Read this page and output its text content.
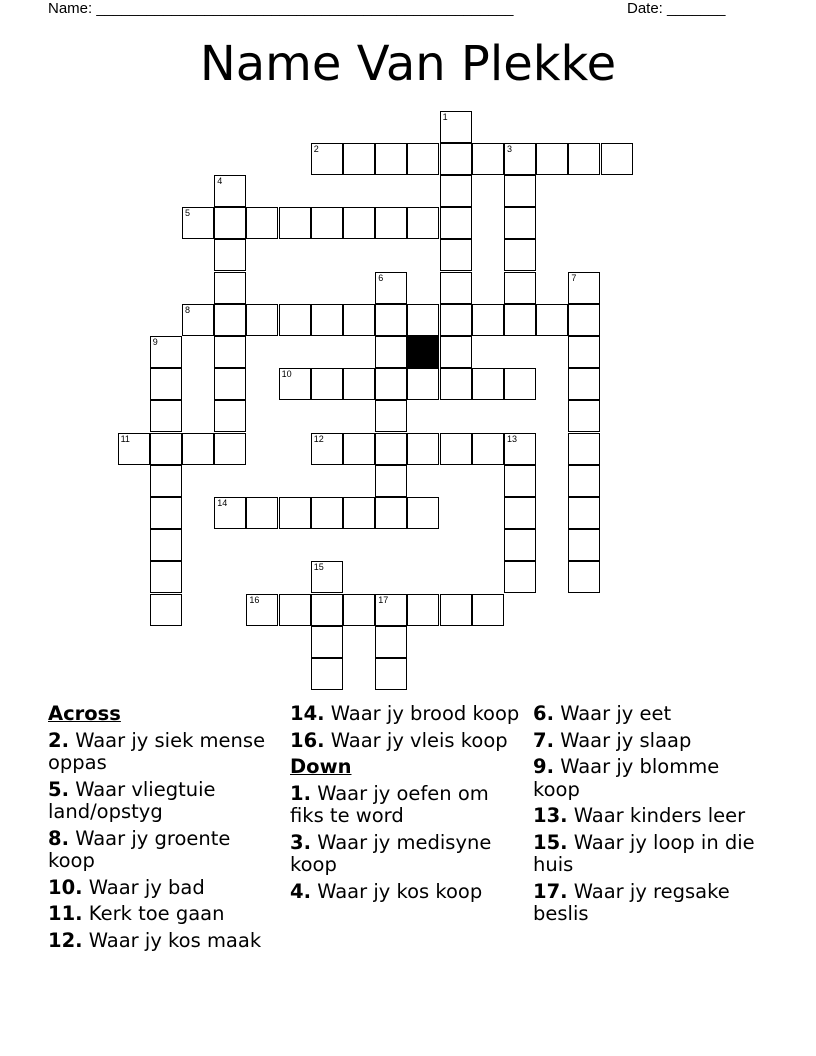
Name: __________________________________________________	Date: _______
Name Van Plekke
1
2	3
4
5
6	7
8
9
10
11	12	13
14
15
16	17
Across
2. Waar jy siek mense oppas
5. Waar vliegtuie land/opstyg
8. Waar jy groente koop
10. Waar jy bad
11. Kerk toe gaan
12. Waar jy kos maak
14. Waar jy brood koop
16. Waar jy vleis koop
Down
1. Waar jy oefen om fiks te word
3. Waar jy medisyne koop
4. Waar jy kos koop
6. Waar jy eet
7. Waar jy slaap
9. Waar jy blomme koop
13. Waar kinders leer
15. Waar jy loop in die huis
17. Waar jy regsake beslis
